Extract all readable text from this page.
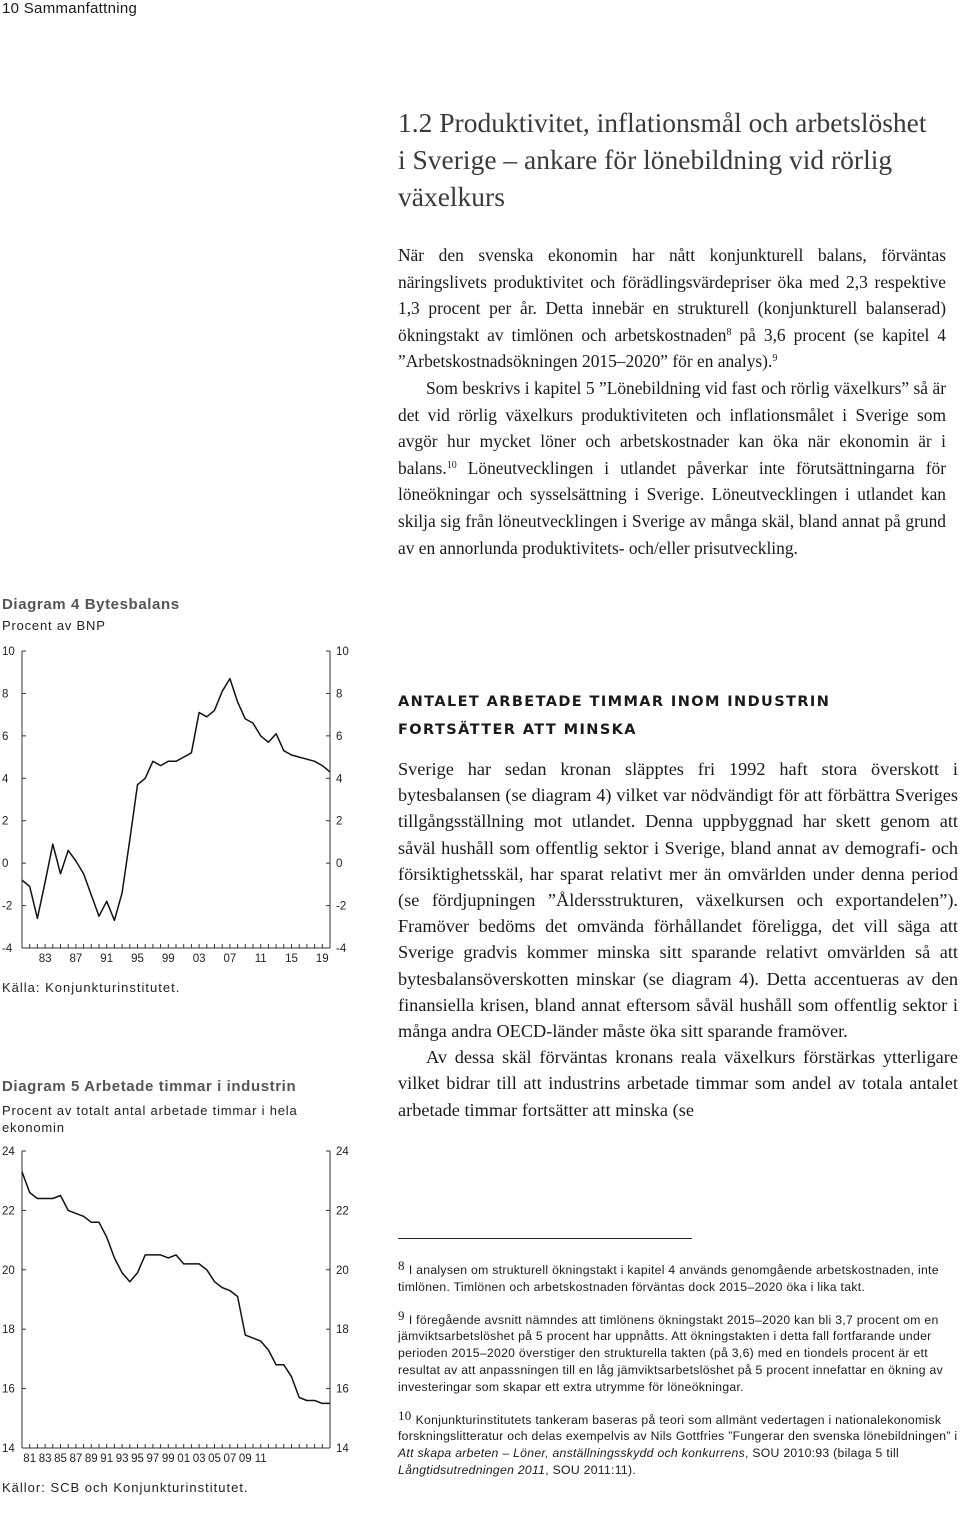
10 Sammanfattning
1.2 Produktivitet, inflationsmål och arbetslöshet i Sverige – ankare för lönebildning vid rörlig växelkurs

När den svenska ekonomin har nått konjunkturell balans, förväntas näringslivets produktivitet och förädlingsvärdepriser öka med 2,3 respektive 1,3 procent per år. Detta innebär en strukturell (konjunkturell balanserad) ökningstakt av timlönen och arbetskostnaden$^8$ på 3,6 procent (se kapitel 4 ”Arbetskostnadsökningen 2015–2020” för en analys).$^9$

Som beskrivs i kapitel 5 ”Lönebildning vid fast och rörlig växelkurs” så är det vid rörlig växelkurs produktiviteten och inflationsmålet i Sverige som avgör hur mycket löner och arbetskostnader kan öka när ekonomin är i balans.$^{10}$ Löneutvecklingen i utlandet påverkar inte förutsättningarna för löneökningar och sysselsättning i Sverige. Löneutvecklingen i utlandet kan skilja sig från löneutvecklingen i Sverige av många skäl, bland annat på grund av en annorlunda produktivitets- och/eller prisutveckling.

ANTALET ARBETADE TIMMAR INOM INDUSTRIN FORTSÄTTER ATT MINSKA

Sverige har sedan kronan släpptes fri 1992 haft stora överskott i bytesbalansen (se diagram 4) vilket var nödvändigt för att förbättra Sveriges tillgångsställning mot utlandet. Denna uppbyggnad har skett genom att såväl hushåll som offentlig sektor i Sverige, bland annat av demografi- och försiktighetsskäl, har sparat relativt mer än omvärlden under denna period (se fördjupningen ”Åldersstrukturen, växelkursen och exportandelen”). Framöver bedöms det omvända förhållandet föreligga, det vill säga att Sverige gradvis kommer minska sitt sparande relativt omvärlden så att bytesbalansöverskotten minskar (se diagram 4). Detta accentueras av den finansiella krisen, bland annat eftersom såväl hushåll som offentlig sektor i många andra OECD-länder måste öka sitt sparande framöver.

Av dessa skäl förväntas kronans reala växelkurs förstärkas ytterligare vilket bidrar till att industrins arbetade timmar som andel av totala antalet arbetade timmar fortsätter att minska (se

8 I analysen om strukturell ökningstakt i kapitel 4 används genomgående arbetskostnaden, inte timlönen. Timlönen och arbetskostnaden förväntas dock 2015–2020 öka i lika takt.

9 I föregående avsnitt nämndes att timlönens ökningstakt 2015–2020 kan bli 3,7 procent om en jämviktsarbetslöshet på 5 procent har uppnåtts. Att ökningstakten i detta fall fortfarande under perioden 2015–2020 överstiger den strukturella takten (på 3,6) med en tiondels procent är ett resultat av att anpassningen till en låg jämviktsarbetslöshet på 5 procent innefattar en ökning av investeringar som skapar ett extra utrymme för löneökningar.

10 Konjunkturinstitutets tankeram baseras på teori som allmänt vedertagen i nationalekonomisk forskningslitteratur och delas exempelvis av Nils Gottfries ”Fungerar den svenska lönebildningen” i Att skapa arbeten – Löner, anställningsskydd och konkurrens, SOU 2010:93 (bilaga 5 till Långtidsutredningen 2011, SOU 2011:11).

Diagram 4 Bytesbalans
Procent av BNP
10	10
8	8
6	6
4	4
2	2
0	0
-2	-2
-4	-4
83 87 91 95 99 03 07 11 15 19
Källa: Konjunkturinstitutet.
Diagram 5 Arbetade timmar i industrin
Procent av totalt antal arbetade timmar i hela ekonomin
24	24
22	22
20	20
18	18
16	16
14	14
81 83 85 87 89 91 93 95 97 99 01 03 05 07 09 11
Källor: SCB och Konjunkturinstitutet.
